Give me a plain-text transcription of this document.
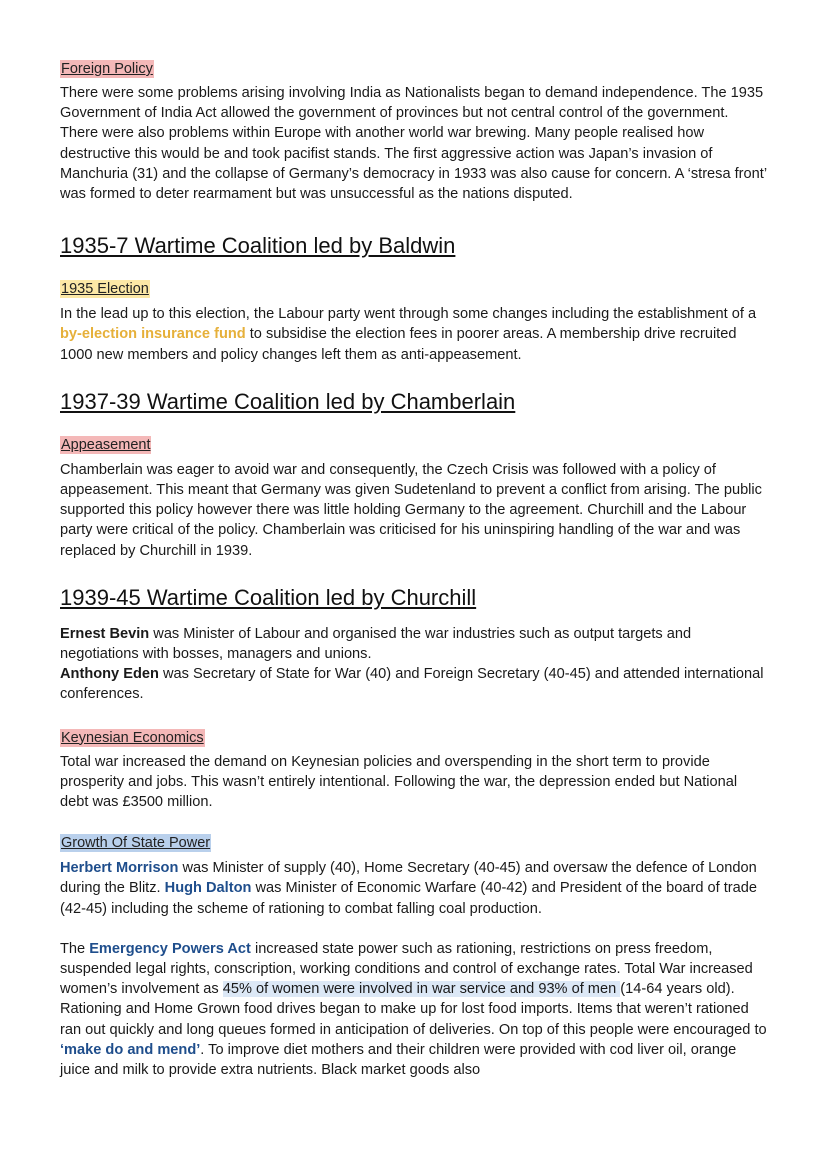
Foreign Policy

There were some problems arising involving India as Nationalists began to demand independence. The 1935 Government of India Act allowed the government of provinces but not central control of the government. There were also problems within Europe with another world war brewing. Many people realised how destructive this would be and took pacifist stands. The first aggressive action was Japan’s invasion of Manchuria (31) and the collapse of Germany’s democracy in 1933 was also cause for concern. A ‘stresa front’ was formed to deter rearmament but was unsuccessful as the nations disputed.

1935-7 Wartime Coalition led by Baldwin
1935 Election

In the lead up to this election, the Labour party went through some changes including the establishment of a by-election insurance fund to subsidise the election fees in poorer areas. A membership drive recruited 1000 new members and policy changes left them as anti-appeasement.

1937-39 Wartime Coalition led by Chamberlain
Appeasement

Chamberlain was eager to avoid war and consequently, the Czech Crisis was followed with a policy of appeasement. This meant that Germany was given Sudetenland to prevent a conflict from arising. The public supported this policy however there was little holding Germany to the agreement. Churchill and the Labour party were critical of the policy. Chamberlain was criticised for his uninspiring handling of the war and was replaced by Churchill in 1939.

1939-45 Wartime Coalition led by Churchill

Ernest Bevin was Minister of Labour and organised the war industries such as output targets and negotiations with bosses, managers and unions.

Anthony Eden was Secretary of State for War (40) and Foreign Secretary (40-45) and attended international conferences.

Keynesian Economics

Total war increased the demand on Keynesian policies and overspending in the short term to provide prosperity and jobs. This wasn’t entirely intentional. Following the war, the depression ended but National debt was £3500 million.

Growth Of State Power

Herbert Morrison was Minister of supply (40), Home Secretary (40-45) and oversaw the defence of London during the Blitz. Hugh Dalton was Minister of Economic Warfare (40-42) and President of the board of trade (42-45) including the scheme of rationing to combat falling coal production.

The Emergency Powers Act increased state power such as rationing, restrictions on press freedom, suspended legal rights, conscription, working conditions and control of exchange rates. Total War increased women’s involvement as 45% of women were involved in war service and 93% of men (14-64 years old). Rationing and Home Grown food drives began to make up for lost food imports. Items that weren’t rationed ran out quickly and long queues formed in anticipation of deliveries. On top of this people were encouraged to ‘make do and mend’. To improve diet mothers and their children were provided with cod liver oil, orange juice and milk to provide extra nutrients. Black market goods also
